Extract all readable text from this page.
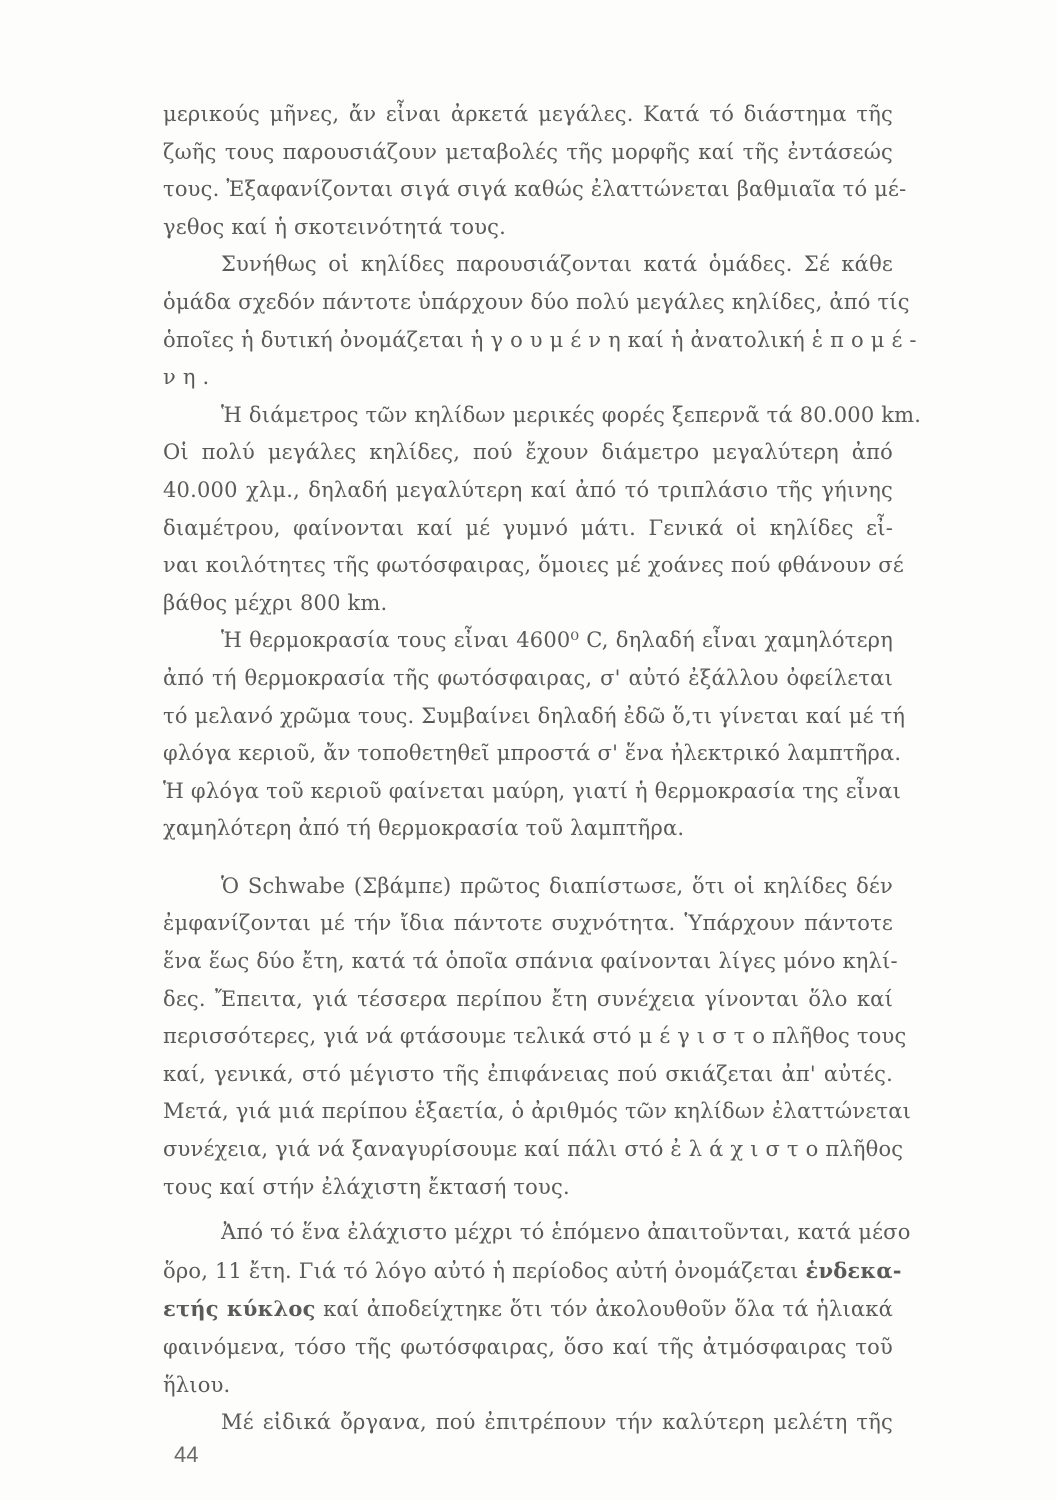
μερικούς μῆνες, ἄν εἶναι ἀρκετά μεγάλες. Κατά τό διάστημα τῆς
ζωῆς τους παρουσιάζουν μεταβολές τῆς μορφῆς καί τῆς ἐντάσεώς
τους. Ἐξαφανίζονται σιγά σιγά καθώς ἐλαττώνεται βαθμιαῖα τό μέ-
γεθος καί ἡ σκοτεινότητά τους.
Συνήθως οἱ κηλίδες παρουσιάζονται κατά ὁμάδες. Σέ κάθε
ὁμάδα σχεδόν πάντοτε ὑπάρχουν δύο πολύ μεγάλες κηλίδες, ἀπό τίς
ὁποῖες ἡ δυτική ὀνομάζεται ἡ γ ο υ μ έ ν η καί ἡ ἀνατολική ἑ π ο μ έ -
ν η .
Ἡ διάμετρος τῶν κηλίδων μερικές φορές ξεπερνᾶ τά 80.000 km.
Οἱ πολύ μεγάλες κηλίδες, πού ἔχουν διάμετρο μεγαλύτερη ἀπό
40.000 χλμ., δηλαδή μεγαλύτερη καί ἀπό τό τριπλάσιο τῆς γήινης
διαμέτρου, φαίνονται καί μέ γυμνό μάτι. Γενικά οἱ κηλίδες εἶ-
ναι κοιλότητες τῆς φωτόσφαιρας, ὅμοιες μέ χοάνες πού φθάνουν σέ
βάθος μέχρι 800 km.
Ἡ θερμοκρασία τους εἶναι 4600⁰ C, δηλαδή εἶναι χαμηλότερη
ἀπό τή θερμοκρασία τῆς φωτόσφαιρας, σ' αὐτό ἐξάλλου ὀφείλεται
τό μελανό χρῶμα τους. Συμβαίνει δηλαδή ἐδῶ ὅ,τι γίνεται καί μέ τή
φλόγα κεριοῦ, ἄν τοποθετηθεῖ μπροστά σ' ἕνα ἠλεκτρικό λαμπτῆρα.
Ἡ φλόγα τοῦ κεριοῦ φαίνεται μαύρη, γιατί ἡ θερμοκρασία της εἶναι
χαμηλότερη ἀπό τή θερμοκρασία τοῦ λαμπτῆρα.
Ὁ Schwabe (Σβάμπε) πρῶτος διαπίστωσε, ὅτι οἱ κηλίδες δέν
ἐμφανίζονται μέ τήν ἴδια πάντοτε συχνότητα. Ὑπάρχουν πάντοτε
ἕνα ἕως δύο ἔτη, κατά τά ὁποῖα σπάνια φαίνονται λίγες μόνο κηλί-
δες. Ἔπειτα, γιά τέσσερα περίπου ἔτη συνέχεια γίνονται ὅλο καί
περισσότερες, γιά νά φτάσουμε τελικά στό μ έ γ ι σ τ ο πλῆθος τους
καί, γενικά, στό μέγιστο τῆς ἐπιφάνειας πού σκιάζεται ἀπ' αὐτές.
Μετά, γιά μιά περίπου ἑξαετία, ὁ ἀριθμός τῶν κηλίδων ἐλαττώνεται
συνέχεια, γιά νά ξαναγυρίσουμε καί πάλι στό ἐ λ ά χ ι σ τ ο πλῆθος
τους καί στήν ἐλάχιστη ἔκτασή τους.
Ἀπό τό ἕνα ἐλάχιστο μέχρι τό ἑπόμενο ἀπαιτοῦνται, κατά μέσο
ὅρο, 11 ἔτη. Γιά τό λόγο αὐτό ἡ περίοδος αὐτή ὀνομάζεται ἑνδεκα-
ετής κύκλος καί ἀποδείχτηκε ὅτι τόν ἀκολουθοῦν ὅλα τά ἡλιακά
φαινόμενα, τόσο τῆς φωτόσφαιρας, ὅσο καί τῆς ἀτμόσφαιρας τοῦ
ἥλιου.
Μέ εἰδικά ὄργανα, πού ἐπιτρέπουν τήν καλύτερη μελέτη τῆς
44
